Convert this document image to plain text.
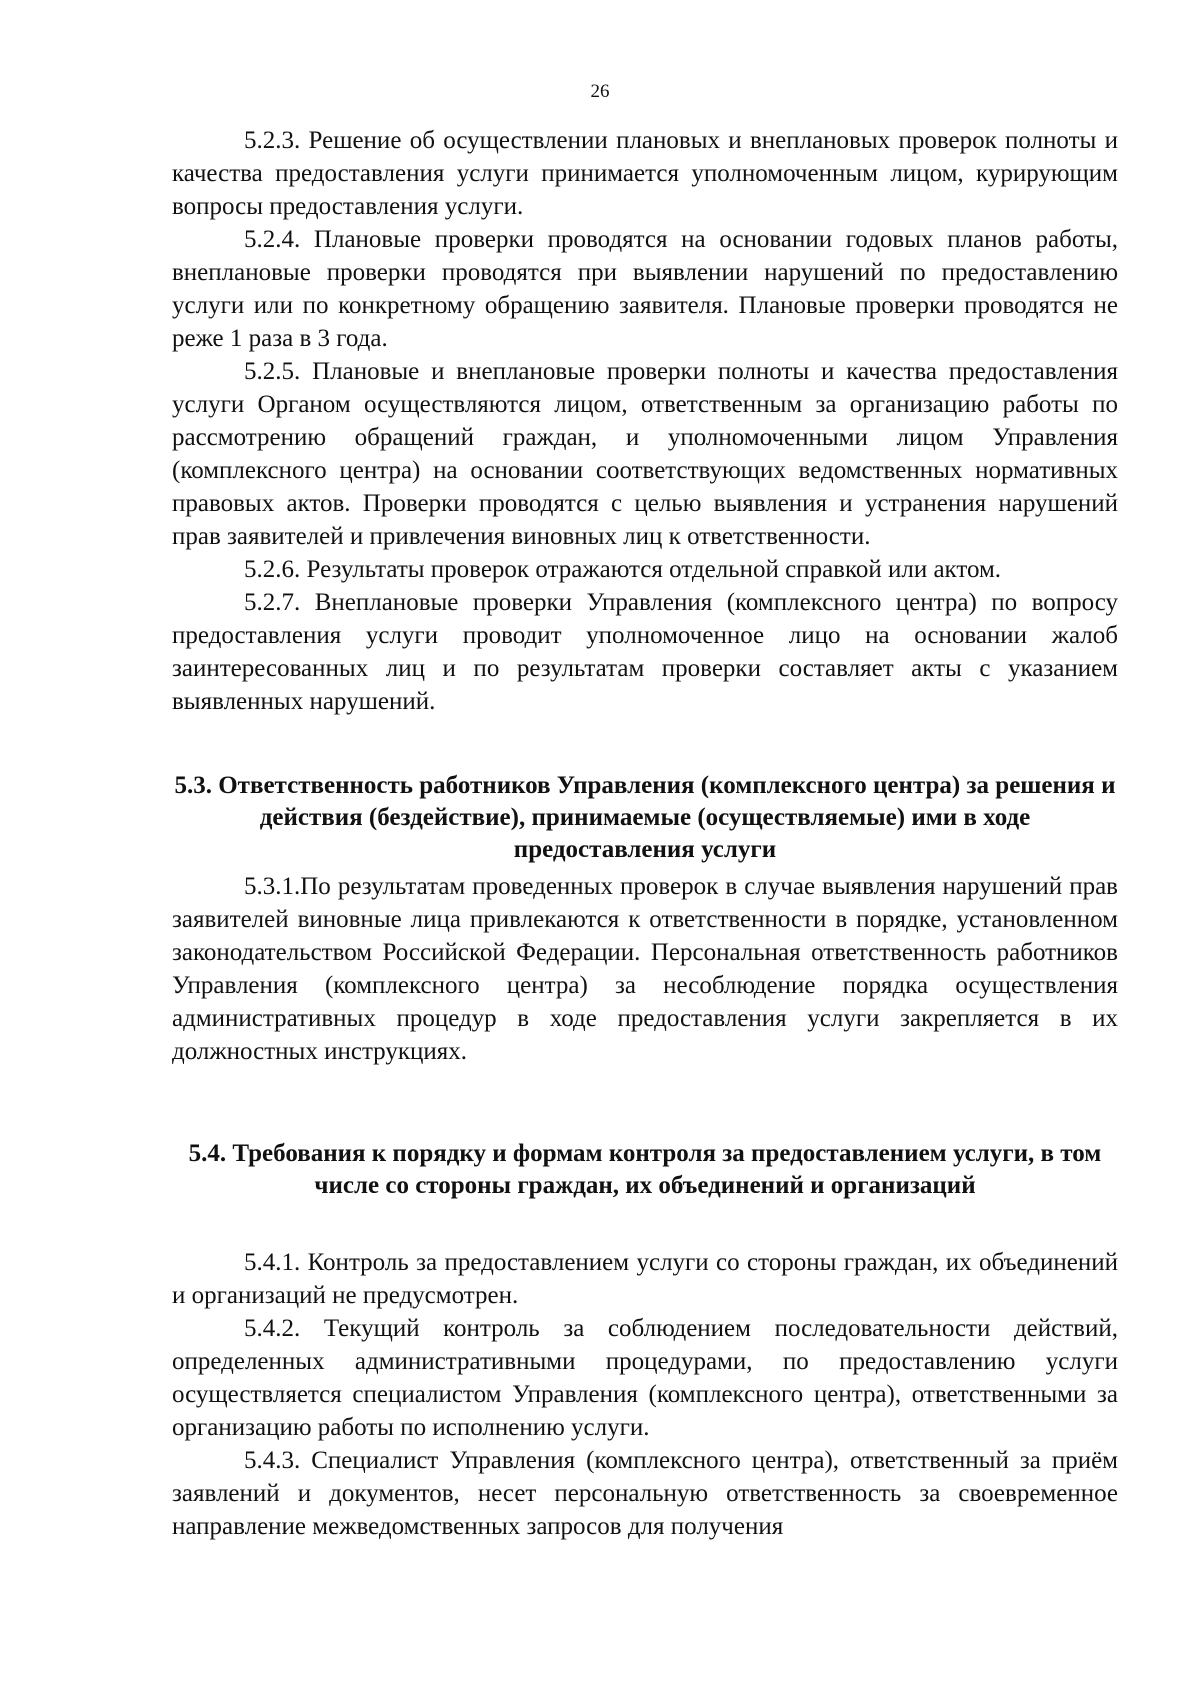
26

5.2.3. Решение об осуществлении плановых и внеплановых проверок полноты и качества предоставления услуги принимается уполномоченным лицом, курирующим вопросы предоставления услуги.

5.2.4. Плановые проверки проводятся на основании годовых планов работы, внеплановые проверки проводятся при выявлении нарушений по предоставлению услуги или по конкретному обращению заявителя. Плановые проверки проводятся не реже 1 раза в 3 года.

5.2.5. Плановые и внеплановые проверки полноты и качества предоставления услуги Органом осуществляются лицом, ответственным за организацию работы по рассмотрению обращений граждан, и уполномоченными лицом Управления (комплексного центра) на основании соответствующих ведомственных нормативных правовых актов. Проверки проводятся с целью выявления и устранения нарушений прав заявителей и привлечения виновных лиц к ответственности.

5.2.6. Результаты проверок отражаются отдельной справкой или актом.

5.2.7. Внеплановые проверки Управления (комплексного центра) по вопросу предоставления услуги проводит уполномоченное лицо на основании жалоб заинтересованных лиц и по результатам проверки составляет акты с указанием выявленных нарушений.

5.3. Ответственность работников Управления (комплексного центра) за решения и действия (бездействие), принимаемые (осуществляемые) ими в ходе предоставления услуги

5.3.1.По результатам проведенных проверок в случае выявления нарушений прав заявителей виновные лица привлекаются к ответственности в порядке, установленном законодательством Российской Федерации. Персональная ответственность работников Управления (комплексного центра) за несоблюдение порядка осуществления административных процедур в ходе предоставления услуги закрепляется в их должностных инструкциях.

5.4. Требования к порядку и формам контроля за предоставлением услуги, в том числе со стороны граждан, их объединений и организаций

5.4.1. Контроль за предоставлением услуги со стороны граждан, их объединений и организаций не предусмотрен.

5.4.2. Текущий контроль за соблюдением последовательности действий, определенных административными процедурами, по предоставлению услуги осуществляется специалистом Управления (комплексного центра), ответственными за организацию работы по исполнению услуги.

5.4.3. Специалист Управления (комплексного центра), ответственный за приём заявлений и документов, несет персональную ответственность за своевременное направление межведомственных запросов для получения
